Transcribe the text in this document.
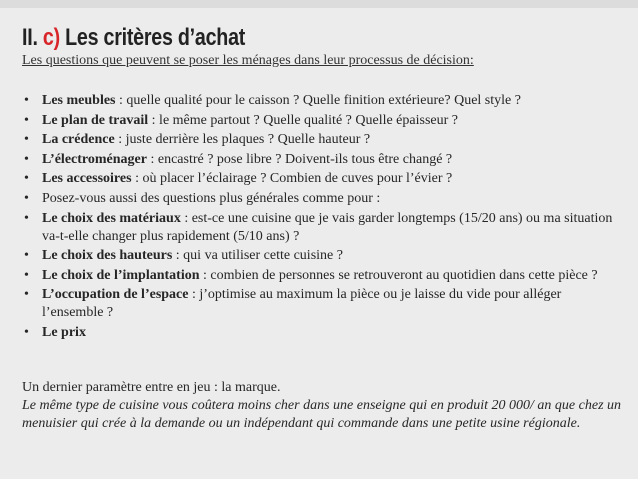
II. c) Les critères d’achat

Les questions que peuvent se poser les ménages dans leur processus de décision:

• Les meubles : quelle qualité pour le caisson ? Quelle finition extérieure? Quel style ?
• Le plan de travail : le même partout ? Quelle qualité ? Quelle épaisseur ?
• La crédence : juste derrière les plaques ? Quelle hauteur ?
• L’électroménager : encastré ? pose libre ? Doivent-ils tous être changé ?
• Les accessoires : où placer l’éclairage ? Combien de cuves pour l’évier ?
• Posez-vous aussi des questions plus générales comme pour :
• Le choix des matériaux : est-ce une cuisine que je vais garder longtemps (15/20 ans) ou ma situation va-t-elle changer plus rapidement (5/10 ans) ?
• Le choix des hauteurs : qui va utiliser cette cuisine ?
• Le choix de l’implantation : combien de personnes se retrouveront au quotidien dans cette pièce ?
• L’occupation de l’espace : j’optimise au maximum la pièce ou je laisse du vide pour alléger l’ensemble ?
• Le prix

Un dernier paramètre entre en jeu : la marque.

Le même type de cuisine vous coûtera moins cher dans une enseigne qui en produit 20 000/ an que chez un menuisier qui crée à la demande ou un indépendant qui commande dans une petite usine régionale.
